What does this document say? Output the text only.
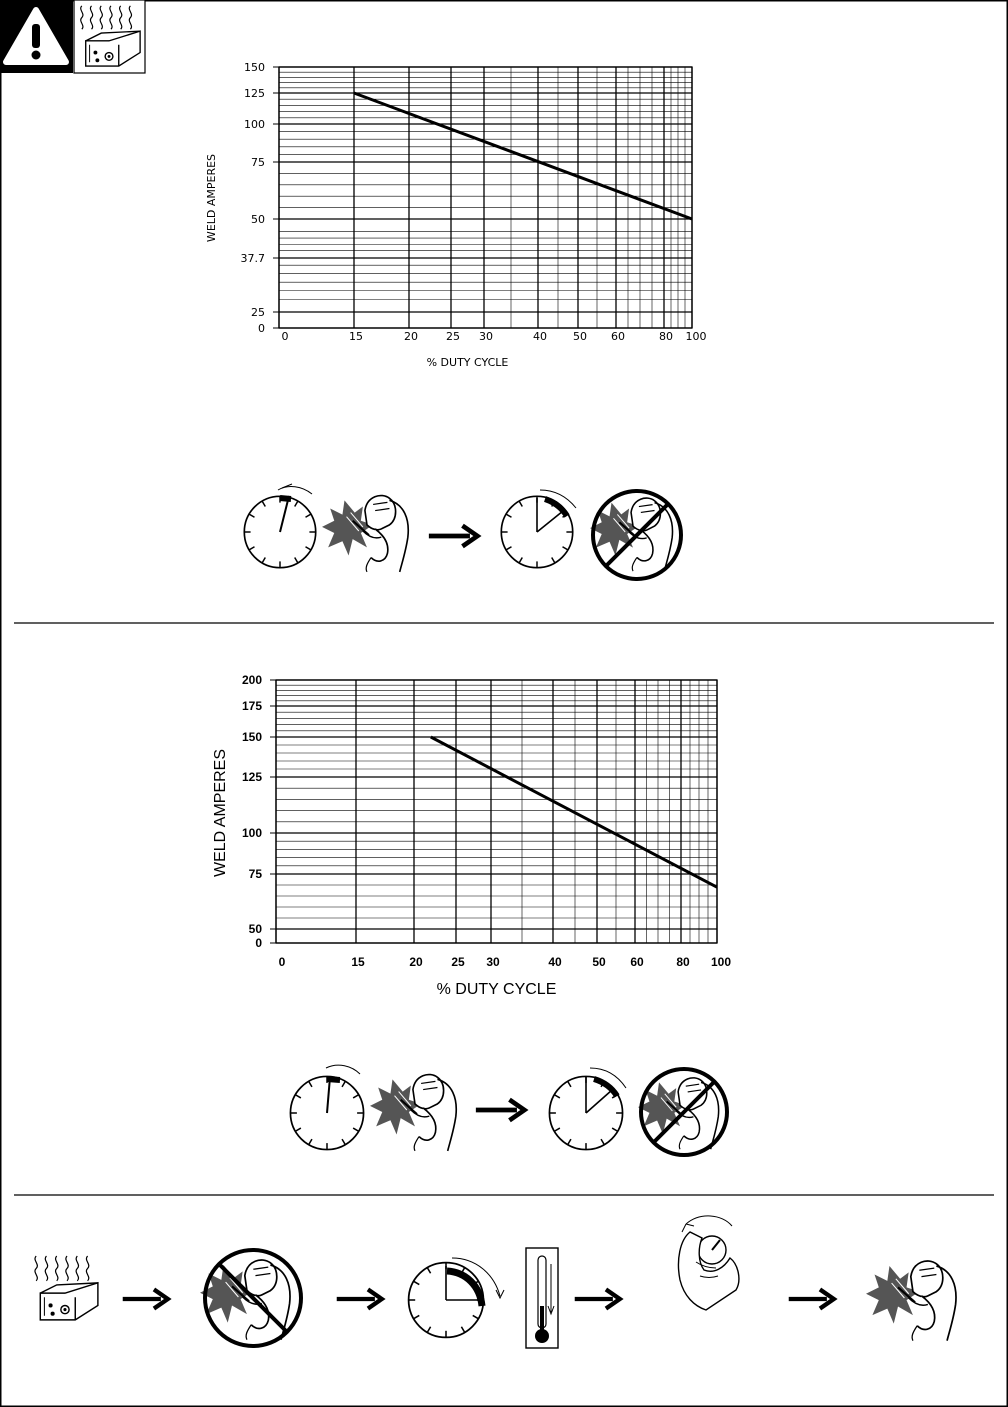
0	15	20	25 30	40 50 60	80 100
0
25
37.7
50
75
100
125
150
WELD AMPERES
% DUTY CYCLE
0	15	20 25 30	40	50 60	80 100
0
50
75
100
125
150
175
200
WELD AMPERES
% DUTY CYCLE
